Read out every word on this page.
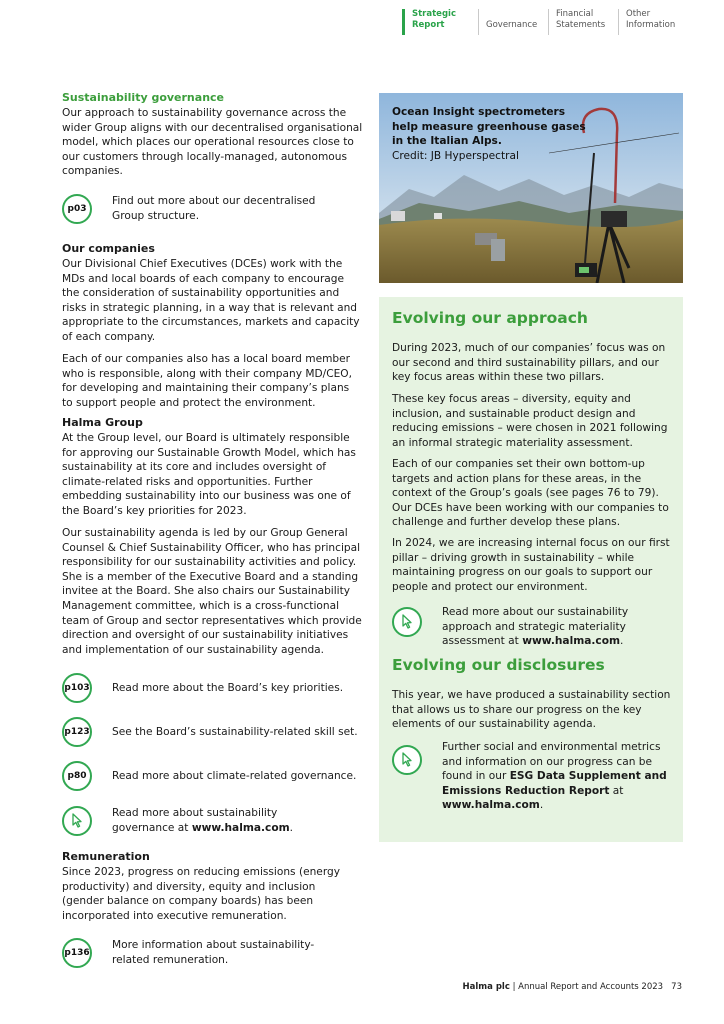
Strategic
Report	Governance
Financial
Statements
Other
Information
Sustainability governance

Our approach to sustainability governance across the wider Group aligns with our decentralised organisational model, which places our operational resources close to our customers through locally-managed, autonomous companies.

p03
Find out more about our decentralised Group structure.
Our companies

Our Divisional Chief Executives (DCEs) work with the MDs and local boards of each company to encourage the consideration of sustainability opportunities and risks in strategic planning, in a way that is relevant and appropriate to the circumstances, markets and capacity of each company.

Each of our companies also has a local board member who is responsible, along with their company MD/CEO, for developing and maintaining their company’s plans to support people and protect the environment.

Halma Group

At the Group level, our Board is ultimately responsible for approving our Sustainable Growth Model, which has sustainability at its core and includes oversight of climate-related risks and opportunities. Further embedding sustainability into our business was one of the Board’s key priorities for 2023.

Our sustainability agenda is led by our Group General Counsel & Chief Sustainability Officer, who has principal responsibility for our sustainability activities and policy. She is a member of the Executive Board and a standing invitee at the Board. She also chairs our Sustainability Management committee, which is a cross-functional team of Group and sector representatives which provide direction and oversight of our sustainability initiatives and implementation of our sustainability agenda.

p103 Read more about the Board’s key priorities.
p123 See the Board’s sustainability-related skill set.
p80	Read more about climate-related governance.
Read more about sustainability governance at www.halma.com.
Remuneration

Since 2023, progress on reducing emissions (energy productivity) and diversity, equity and inclusion (gender balance on company boards) has been incorporated into executive remuneration.

p136
More information about sustainability-related remuneration.
Ocean Insight spectrometers help measure greenhouse gases in the Italian Alps.
Credit: JB Hyperspectral
Evolving our approach

During 2023, much of our companies’ focus was on our second and third sustainability pillars, and our key focus areas within these two pillars.

These key focus areas – diversity, equity and inclusion, and sustainable product design and reducing emissions – were chosen in 2021 following an informal strategic materiality assessment.

Each of our companies set their own bottom-up targets and action plans for these areas, in the context of the Group’s goals (see pages 76 to 79). Our DCEs have been working with our companies to challenge and further develop these plans.

In 2024, we are increasing internal focus on our first pillar – driving growth in sustainability – while maintaining progress on our goals to support our people and protect our environment.

Read more about our sustainability approach and strategic materiality assessment at www.halma.com.
Evolving our disclosures

This year, we have produced a sustainability section that allows us to share our progress on the key elements of our sustainability agenda.

Further social and environmental metrics and information on our progress can be found in our ESG Data Supplement and Emissions Reduction Report at www.halma.com.
Halma plc | Annual Report and Accounts 2023 73
